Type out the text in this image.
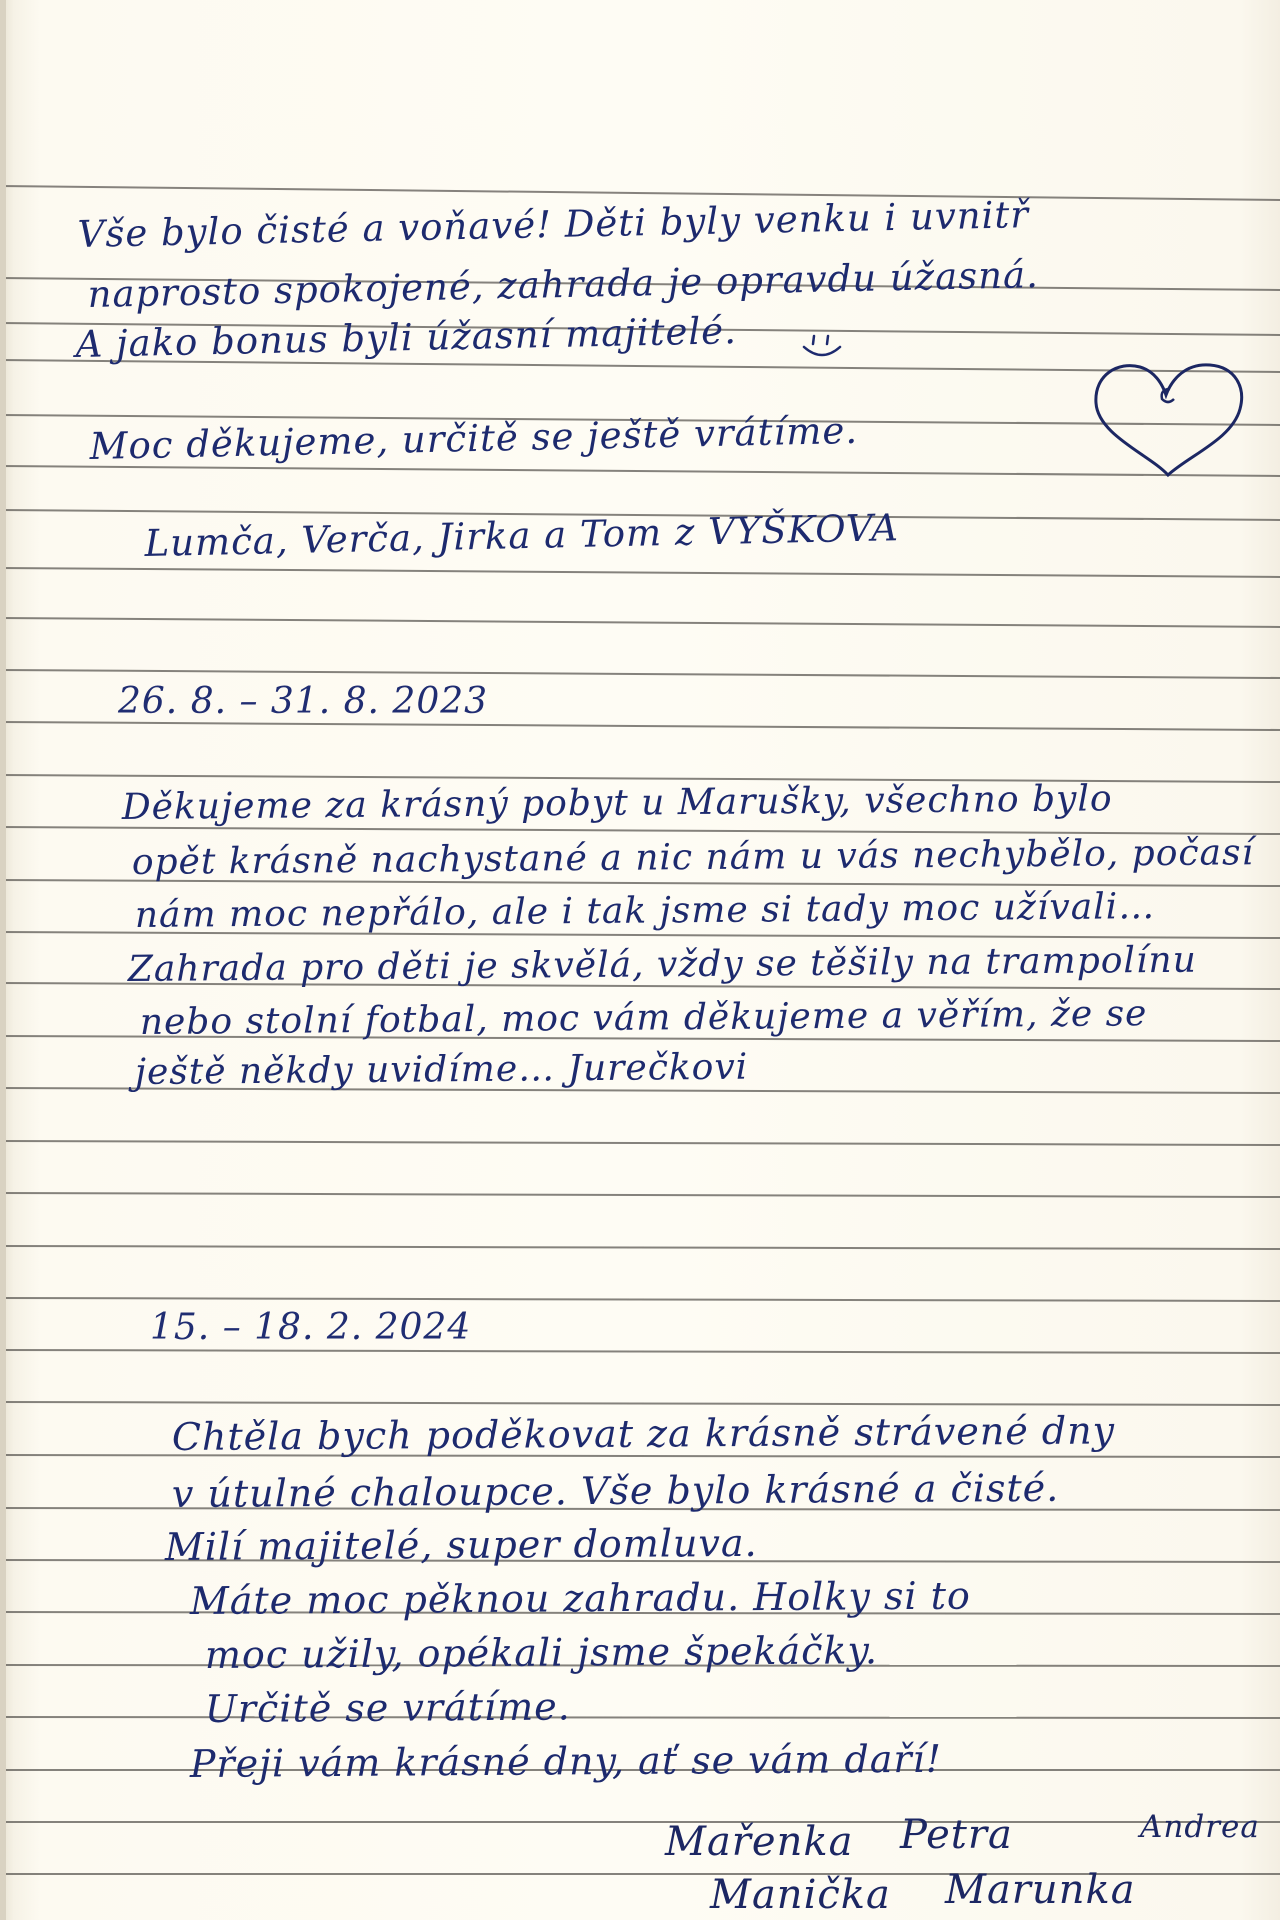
Vše bylo čisté a voňavé! Děti byly venku i uvnitř
naprosto spokojené, zahrada je opravdu úžasná.
A jako bonus byli úžasní majitelé.
Moc děkujeme, určitě se ještě vrátíme.
Lumča, Verča, Jirka a Tom z VYŠKOVA
26. 8. – 31. 8. 2023
Děkujeme za krásný pobyt u Marušky, všechno bylo
opět krásně nachystané a nic nám u vás nechybělo, počasí
nám moc nepřálo, ale i tak jsme si tady moc užívali…
Zahrada pro děti je skvělá, vždy se těšily na trampolínu
nebo stolní fotbal, moc vám děkujeme a věřím, že se
ještě někdy uvidíme… Jurečkovi
15. – 18. 2. 2024
Chtěla bych poděkovat za krásně strávené dny
v útulné chaloupce. Vše bylo krásné a čisté.
Milí majitelé, super domluva.
Máte moc pěknou zahradu. Holky si to
moc užily, opékali jsme špekáčky.
Určitě se vrátíme.
Přeji vám krásné dny, ať se vám daří!
Mařenka Petra	Andrea
Manička Marunka
